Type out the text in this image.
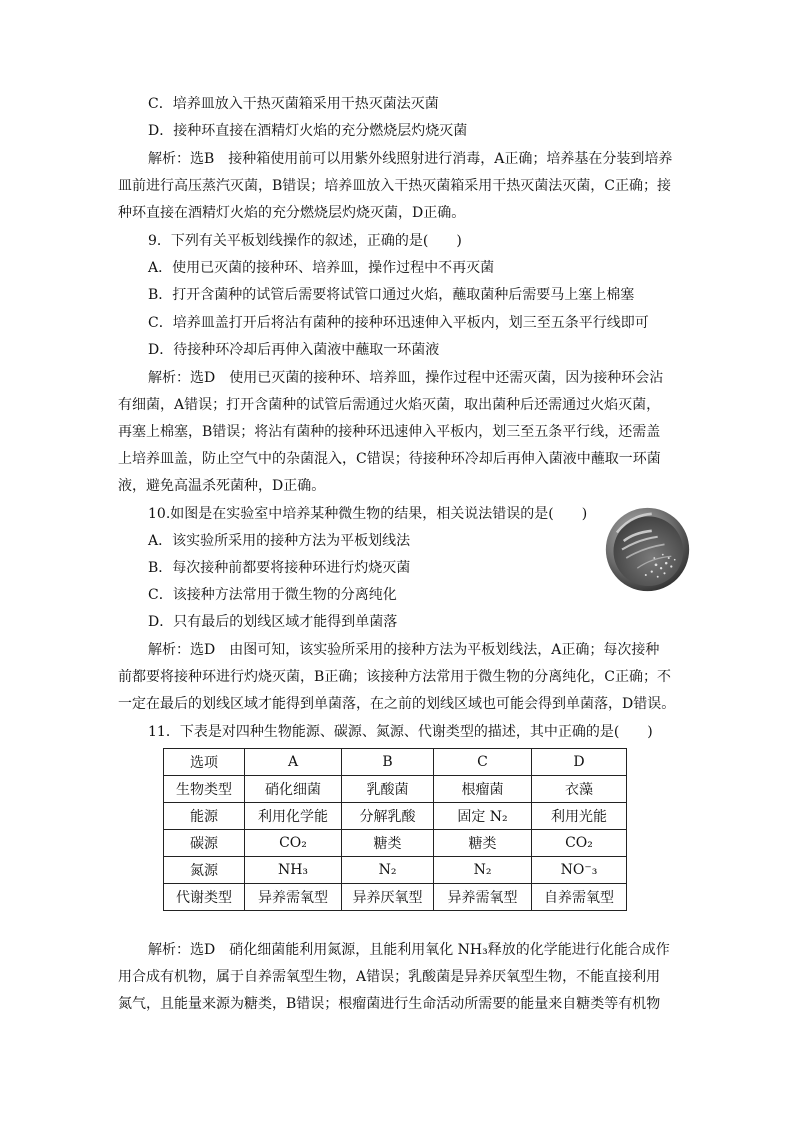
C．培养皿放入干热灭菌箱采用干热灭菌法灭菌
D．接种环直接在酒精灯火焰的充分燃烧层灼烧灭菌
解析：选B　接种箱使用前可以用紫外线照射进行消毒，A正确；培养基在分装到培养
皿前进行高压蒸汽灭菌，B错误；培养皿放入干热灭菌箱采用干热灭菌法灭菌，C正确；接
种环直接在酒精灯火焰的充分燃烧层灼烧灭菌，D正确。
9．下列有关平板划线操作的叙述，正确的是(　　)
A．使用已灭菌的接种环、培养皿，操作过程中不再灭菌
B．打开含菌种的试管后需要将试管口通过火焰，蘸取菌种后需要马上塞上棉塞
C．培养皿盖打开后将沾有菌种的接种环迅速伸入平板内，划三至五条平行线即可
D．待接种环冷却后再伸入菌液中蘸取一环菌液
解析：选D　使用已灭菌的接种环、培养皿，操作过程中还需灭菌，因为接种环会沾
有细菌，A错误；打开含菌种的试管后需通过火焰灭菌，取出菌种后还需通过火焰灭菌，
再塞上棉塞，B错误；将沾有菌种的接种环迅速伸入平板内，划三至五条平行线，还需盖
上培养皿盖，防止空气中的杂菌混入，C错误；待接种环冷却后再伸入菌液中蘸取一环菌
液，避免高温杀死菌种，D正确。
10.如图是在实验室中培养某种微生物的结果，相关说法错误的是(　　)
A．该实验所采用的接种方法为平板划线法
B．每次接种前都要将接种环进行灼烧灭菌
C．该接种方法常用于微生物的分离纯化
D．只有最后的划线区域才能得到单菌落
解析：选D　由图可知，该实验所采用的接种方法为平板划线法，A正确；每次接种
前都要将接种环进行灼烧灭菌，B正确；该接种方法常用于微生物的分离纯化，C正确；不
一定在最后的划线区域才能得到单菌落，在之前的划线区域也可能会得到单菌落，D错误。
11．下表是对四种生物能源、碳源、氮源、代谢类型的描述，其中正确的是(　　)
选项	A	B	C	D
生物类型	硝化细菌	乳酸菌	根瘤菌	衣藻
能源	利用化学能	分解乳酸	固定 N₂	利用光能
碳源	CO₂	糖类	糖类	CO₂
氮源	NH₃	N₂	N₂	NO⁻₃
代谢类型	异养需氧型	异养厌氧型	异养需氧型	自养需氧型
解析：选D　硝化细菌能利用氮源，且能利用氧化 NH₃释放的化学能进行化能合成作
用合成有机物，属于自养需氧型生物，A错误；乳酸菌是异养厌氧型生物，不能直接利用
氮气，且能量来源为糖类，B错误；根瘤菌进行生命活动所需要的能量来自糖类等有机物
